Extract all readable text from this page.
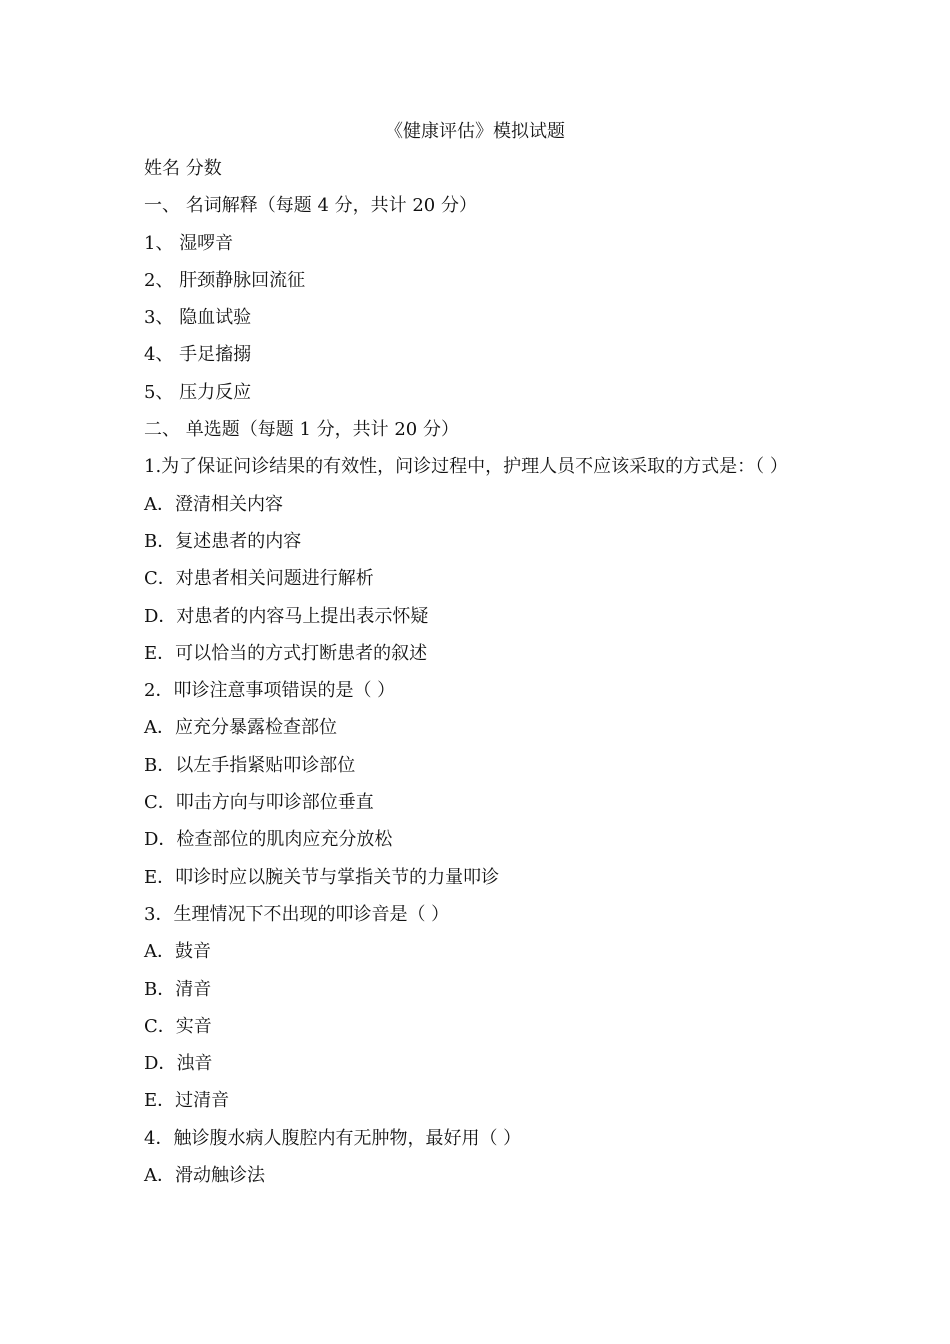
《健康评估》模拟试题
姓名 分数
一、 名词解释（每题 4 分，共计 20 分）
1、 湿啰音
2、 肝颈静脉回流征
3、 隐血试验
4、 手足搐搦
5、 压力反应
二、 单选题（每题 1 分，共计 20 分）
1.为了保证问诊结果的有效性，问诊过程中，护理人员不应该采取的方式是：（ ）
A．澄清相关内容
B．复述患者的内容
C．对患者相关问题进行解析
D．对患者的内容马上提出表示怀疑
E．可以恰当的方式打断患者的叙述
2．叩诊注意事项错误的是（ ）
A．应充分暴露检查部位
B．以左手指紧贴叩诊部位
C．叩击方向与叩诊部位垂直
D．检查部位的肌肉应充分放松
E．叩诊时应以腕关节与掌指关节的力量叩诊
3．生理情况下不出现的叩诊音是（ ）
A．鼓音
B．清音
C．实音
D．浊音
E．过清音
4．触诊腹水病人腹腔内有无肿物，最好用（ ）
A．滑动触诊法
